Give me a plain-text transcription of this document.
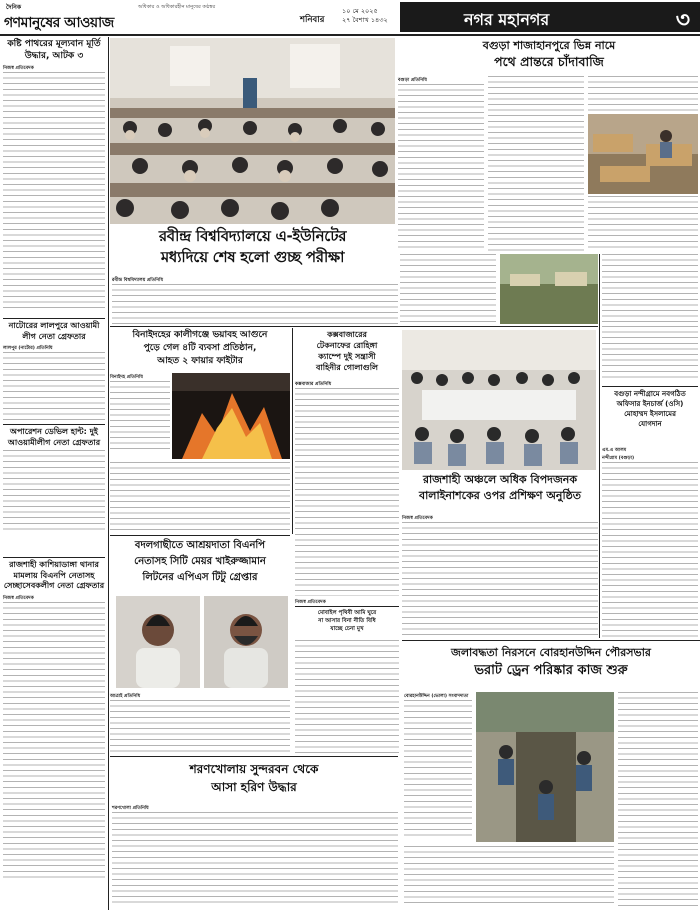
দৈনিক
গণমানুষের আওয়াজ
অধিকার ও অধিকারহীন মানুষের কণ্ঠস্বর	১০ মে ২০২৫
শনিবার	২৭ বৈশাখ ১৪৩২	নগর মহানগর	৩
কষ্টি পাথরের মূল্যবান মূর্তি উদ্ধার, আটক ৩
নিজস্ব প্রতিবেদক
নাটোরের লালপুরে আওয়ামী লীগ নেতা গ্রেফতার
লালপুর (নাটোর) প্রতিনিধি
অপারেশন ডেভিল হান্ট: দুই আওয়ামীলীগ নেতা গ্রেফতার
রাজশাহী কাশিয়াডাঙ্গা থানার মামলায় বিএনপি নেতাসহ সেচ্ছাসেবকলীগ নেতা গ্রেফতার
নিজস্ব প্রতিবেদক
রবীন্দ্র বিশ্ববিদ্যালয়ে এ-ইউনিটের
মধ্যদিয়ে শেষ হলো গুচ্ছ পরীক্ষা
বগুড়া শাজাহানপুরে ভিন্ন নামে
পথে প্রান্তরে চাঁদাবাজি
বগুড়া প্রতিনিধি
রবীন্দ্র বিশ্ববিদ্যালয় প্রতিনিধি
বিনাইদহের কালীগঞ্জে ভয়াবহ আগুনে
পুড়ে গেল ৪টি ব্যবসা প্রতিষ্ঠান,
আহত ২ ফায়ার ফাইটার
বিনাইদহ প্রতিনিধি
কক্সবাজারের
টেকনাফের রোহিঙ্গা
ক্যাম্পে দুই সন্ত্রাসী
বাহিনীর গোলাগুলি
কক্সবাজার প্রতিনিধি
রাজশাহী অঞ্চলে অধিক বিপদজনক
বালাইনাশকের ওপর প্রশিক্ষণ অনুষ্ঠিত
নিজস্ব প্রতিবেদক
বগুড়া নন্দীগ্রামে নবগঠিত
অফিসার ইনচার্জ (ওসি)
মোহাম্মদ ইসলামের
যোগদান
এম.এ আলম
নন্দীগ্রাম (বগুড়া)
বদলগাছীতে আশ্রয়দাতা বিএনপি
নেতাসহ সিটি মেয়র খাইরুজ্জামান
লিটনের এপিএস টিটু গ্রেপ্তার
আত্রাই প্রতিনিধি
মোবাইল পৃথিবী আমি ঘুরে
না আসার বিনা নীতি বিধি
যাচ্ছে চেনা মুখ
নিজস্ব প্রতিবেদক
শরণখোলায় সুন্দরবন থেকে
আসা হরিণ উদ্ধার
শরণখোলা প্রতিনিধি
জলাবদ্ধতা নিরসনে বোরহানউদ্দিন পৌরসভার
ভরাট ড্রেন পরিষ্কার কাজ শুরু
বোরহানউদ্দিন (ভোলা) সংবাদদাতা
